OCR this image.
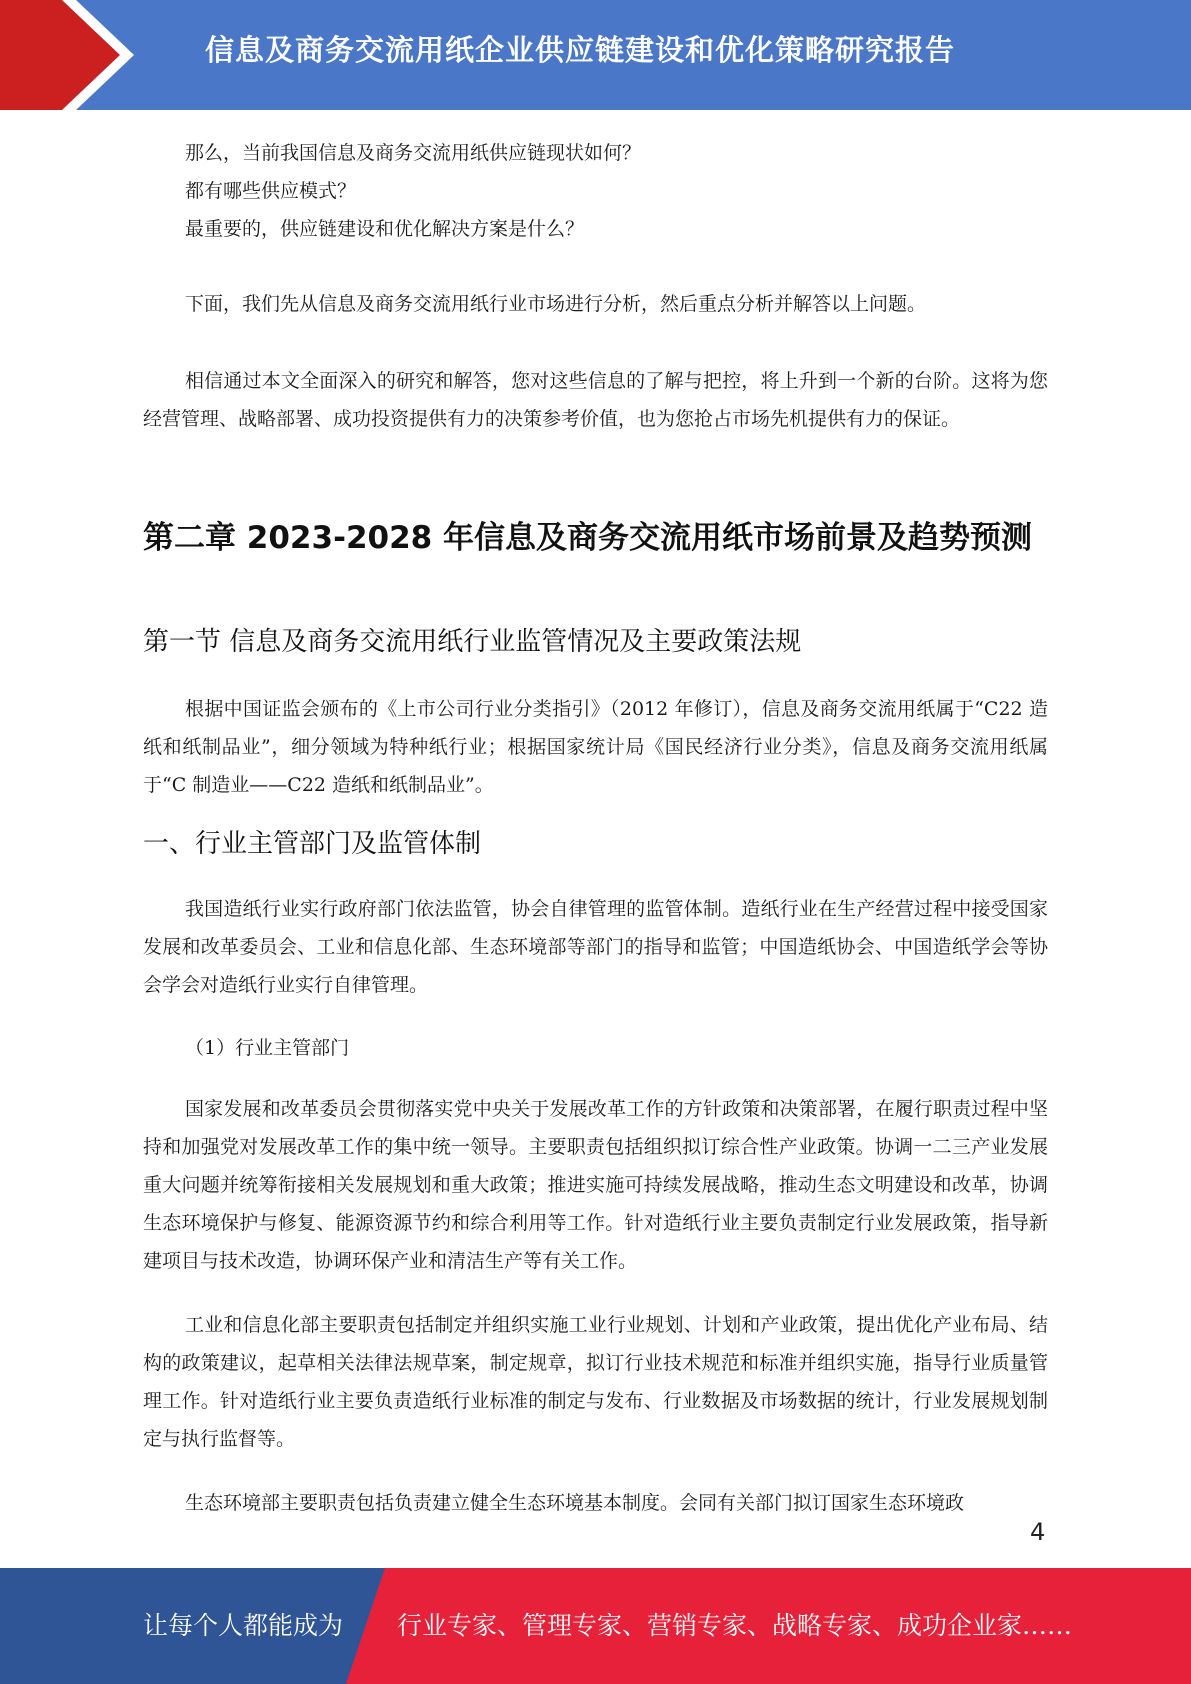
信息及商务交流用纸企业供应链建设和优化策略研究报告
那么，当前我国信息及商务交流用纸供应链现状如何？
都有哪些供应模式？
最重要的，供应链建设和优化解决方案是什么？

下面，我们先从信息及商务交流用纸行业市场进行分析，然后重点分析并解答以上问题。

相信通过本文全面深入的研究和解答，您对这些信息的了解与把控，将上升到一个新的台阶。这将为您经营管理、战略部署、成功投资提供有力的决策参考价值，也为您抢占市场先机提供有力的保证。

第二章 2023-2028 年信息及商务交流用纸市场前景及趋势预测
第一节 信息及商务交流用纸行业监管情况及主要政策法规

根据中国证监会颁布的《上市公司行业分类指引》（2012 年修订），信息及商务交流用纸属于“C22 造纸和纸制品业”，细分领域为特种纸行业；根据国家统计局《国民经济行业分类》，信息及商务交流用纸属于“C 制造业——C22 造纸和纸制品业”。

一、行业主管部门及监管体制

我国造纸行业实行政府部门依法监管，协会自律管理的监管体制。造纸行业在生产经营过程中接受国家发展和改革委员会、工业和信息化部、生态环境部等部门的指导和监管；中国造纸协会、中国造纸学会等协会学会对造纸行业实行自律管理。

（1）行业主管部门

国家发展和改革委员会贯彻落实党中央关于发展改革工作的方针政策和决策部署，在履行职责过程中坚持和加强党对发展改革工作的集中统一领导。主要职责包括组织拟订综合性产业政策。协调一二三产业发展重大问题并统筹衔接相关发展规划和重大政策；推进实施可持续发展战略，推动生态文明建设和改革，协调生态环境保护与修复、能源资源节约和综合利用等工作。针对造纸行业主要负责制定行业发展政策，指导新建项目与技术改造，协调环保产业和清洁生产等有关工作。

工业和信息化部主要职责包括制定并组织实施工业行业规划、计划和产业政策，提出优化产业布局、结构的政策建议，起草相关法律法规草案，制定规章，拟订行业技术规范和标准并组织实施，指导行业质量管理工作。针对造纸行业主要负责造纸行业标准的制定与发布、行业数据及市场数据的统计，行业发展规划制定与执行监督等。

生态环境部主要职责包括负责建立健全生态环境基本制度。会同有关部门拟订国家生态环境政

4
让每个人都能成为 行业专家、管理专家、营销专家、战略专家、成功企业家……
